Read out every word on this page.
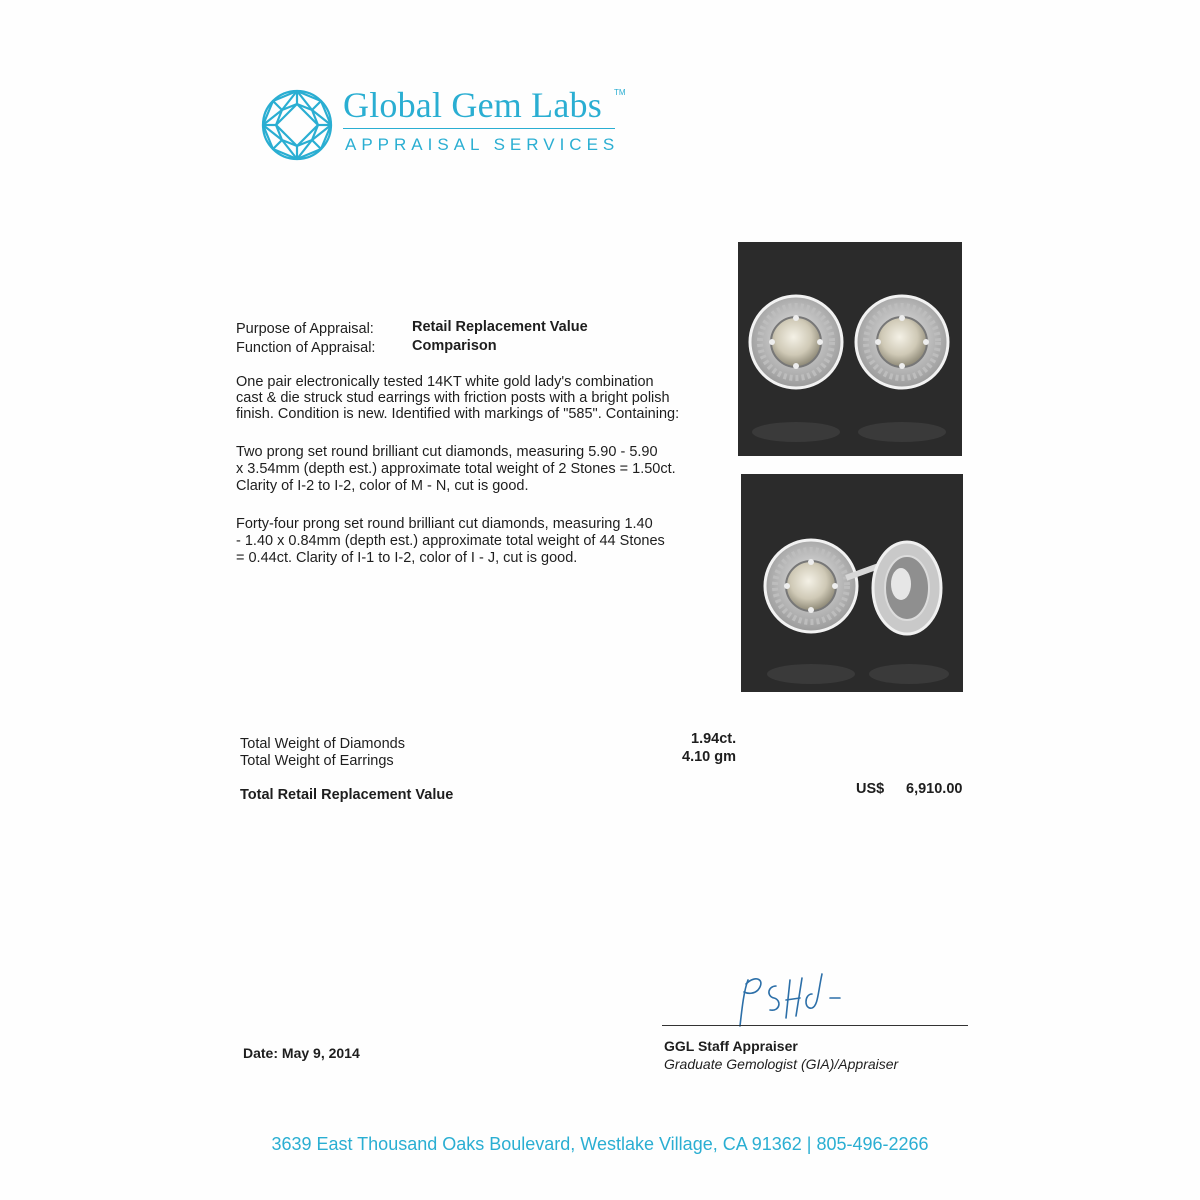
Global Gem Labs TM
APPRAISAL SERVICES
Purpose of Appraisal:	Retail Replacement Value
Function of Appraisal:	Comparison
One pair electronically tested 14KT white gold lady's combination
cast & die struck stud earrings with friction posts with a bright polish
finish. Condition is new. Identified with markings of "585". Containing:
Two prong set round brilliant cut diamonds, measuring 5.90 - 5.90
x 3.54mm (depth est.) approximate total weight of 2 Stones = 1.50ct.
Clarity of I-2 to I-2, color of M - N, cut is good.
Forty-four prong set round brilliant cut diamonds, measuring 1.40
- 1.40 x 0.84mm (depth est.) approximate total weight of 44 Stones
= 0.44ct. Clarity of I-1 to I-2, color of I - J, cut is good.
Total Weight of Diamonds	1.94ct.
Total Weight of Earrings	4.10 gm
Total Retail Replacement Value	US$ 6,910.00
Date: May 9, 2014	GGL Staff Appraiser
Graduate Gemologist (GIA)/Appraiser
3639 East Thousand Oaks Boulevard, Westlake Village, CA 91362 | 805-496-2266
